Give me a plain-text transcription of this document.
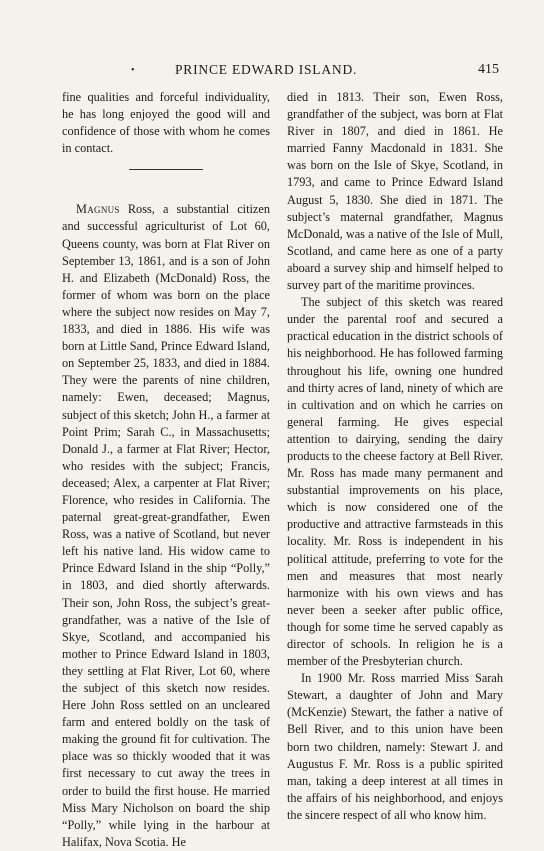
•	PRINCE EDWARD ISLAND.	415

fine qualities and forceful individuality, he has long enjoyed the good will and confidence of those with whom he comes in contact.

Magnus Ross, a substantial citizen and successful agriculturist of Lot 60, Queens county, was born at Flat River on September 13, 1861, and is a son of John H. and Elizabeth (McDonald) Ross, the former of whom was born on the place where the subject now resides on May 7, 1833, and died in 1886. His wife was born at Little Sand, Prince Edward Island, on September 25, 1833, and died in 1884. They were the parents of nine children, namely: Ewen, deceased; Magnus, subject of this sketch; John H., a farmer at Point Prim; Sarah C., in Massachusetts; Donald J., a farmer at Flat River; Hector, who resides with the subject; Francis, deceased; Alex, a carpenter at Flat River; Florence, who resides in California. The paternal great-great-grandfather, Ewen Ross, was a native of Scotland, but never left his native land. His widow came to Prince Edward Island in the ship “Polly,” in 1803, and died shortly afterwards. Their son, John Ross, the subject’s great-grandfather, was a native of the Isle of Skye, Scotland, and accompanied his mother to Prince Edward Island in 1803, they settling at Flat River, Lot 60, where the subject of this sketch now resides. Here John Ross settled on an uncleared farm and entered boldly on the task of making the ground fit for cultivation. The place was so thickly wooded that it was first necessary to cut away the trees in order to build the first house. He married Miss Mary Nicholson on board the ship “Polly,” while lying in the harbour at Halifax, Nova Scotia. He

died in 1813. Their son, Ewen Ross, grandfather of the subject, was born at Flat River in 1807, and died in 1861. He married Fanny Macdonald in 1831. She was born on the Isle of Skye, Scotland, in 1793, and came to Prince Edward Island August 5, 1830. She died in 1871. The subject’s maternal grandfather, Magnus McDonald, was a native of the Isle of Mull, Scotland, and came here as one of a party aboard a survey ship and himself helped to survey part of the maritime provinces.

The subject of this sketch was reared under the parental roof and secured a practical education in the district schools of his neighborhood. He has followed farming throughout his life, owning one hundred and thirty acres of land, ninety of which are in cultivation and on which he carries on general farming. He gives especial attention to dairying, sending the dairy products to the cheese factory at Bell River. Mr. Ross has made many permanent and substantial improvements on his place, which is now considered one of the productive and attractive farmsteads in this locality. Mr. Ross is independent in his political attitude, preferring to vote for the men and measures that most nearly harmonize with his own views and has never been a seeker after public office, though for some time he served capably as director of schools. In religion he is a member of the Presbyterian church.

In 1900 Mr. Ross married Miss Sarah Stewart, a daughter of John and Mary (McKenzie) Stewart, the father a native of Bell River, and to this union have been born two children, namely: Stewart J. and Augustus F. Mr. Ross is a public spirited man, taking a deep interest at all times in the affairs of his neighborhood, and enjoys the sincere respect of all who know him.
